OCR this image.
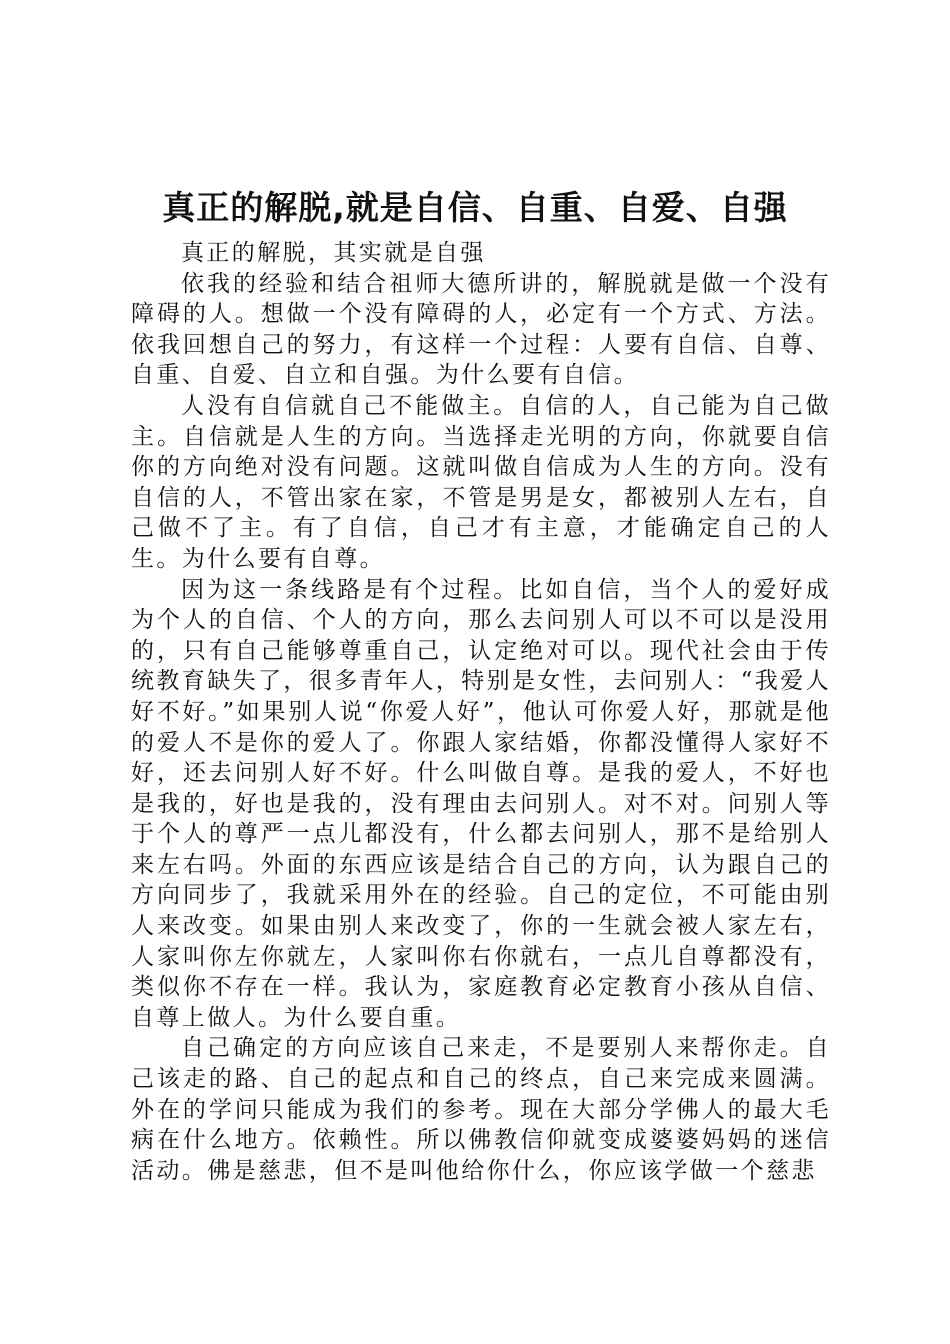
真正的解脱,就是自信、自重、自爱、自强

真正的解脱，其实就是自强

依我的经验和结合祖师大德所讲的，解脱就是做一个没有障碍的人。想做一个没有障碍的人，必定有一个方式、方法。依我回想自己的努力，有这样一个过程：人要有自信、自尊、自重、自爱、自立和自强。为什么要有自信。

人没有自信就自己不能做主。自信的人，自己能为自己做主。自信就是人生的方向。当选择走光明的方向，你就要自信你的方向绝对没有问题。这就叫做自信成为人生的方向。没有自信的人，不管出家在家，不管是男是女，都被别人左右，自己做不了主。有了自信，自己才有主意，才能确定自己的人生。为什么要有自尊。

因为这一条线路是有个过程。比如自信，当个人的爱好成为个人的自信、个人的方向，那么去问别人可以不可以是没用的，只有自己能够尊重自己，认定绝对可以。现代社会由于传统教育缺失了，很多青年人，特别是女性，去问别人：“我爱人好不好。”如果别人说“你爱人好”，他认可你爱人好，那就是他的爱人不是你的爱人了。你跟人家结婚，你都没懂得人家好不好，还去问别人好不好。什么叫做自尊。是我的爱人，不好也是我的，好也是我的，没有理由去问别人。对不对。问别人等于个人的尊严一点儿都没有，什么都去问别人，那不是给别人来左右吗。外面的东西应该是结合自己的方向，认为跟自己的方向同步了，我就采用外在的经验。自己的定位，不可能由别人来改变。如果由别人来改变了，你的一生就会被人家左右，人家叫你左你就左，人家叫你右你就右，一点儿自尊都没有，类似你不存在一样。我认为，家庭教育必定教育小孩从自信、自尊上做人。为什么要自重。

自己确定的方向应该自己来走，不是要别人来帮你走。自己该走的路、自己的起点和自己的终点，自己来完成来圆满。外在的学问只能成为我们的参考。现在大部分学佛人的最大毛病在什么地方。依赖性。所以佛教信仰就变成婆婆妈妈的迷信活动。佛是慈悲，但不是叫他给你什么，你应该学做一个慈悲
